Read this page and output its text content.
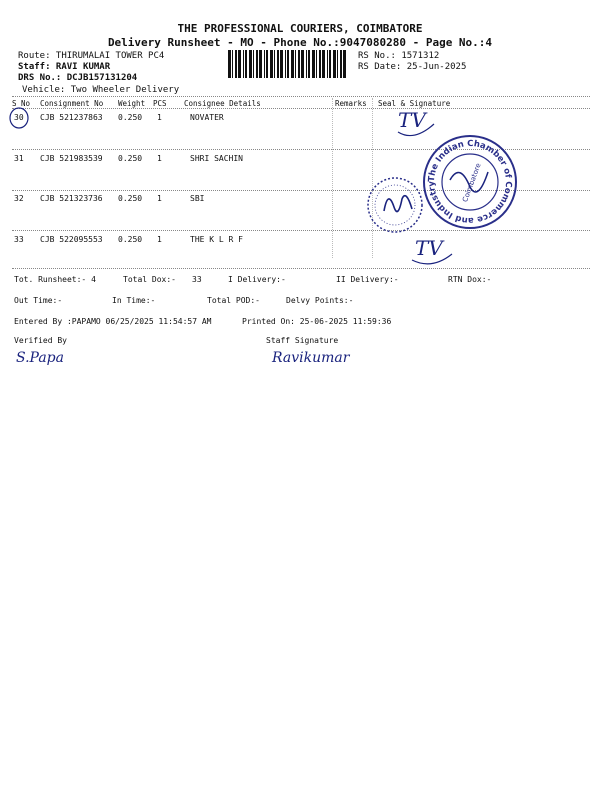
THE PROFESSIONAL COURIERS, COIMBATORE
Delivery Runsheet - MO - Phone No.:9047080280 - Page No.:4
Route: THIRUMALAI TOWER PC4
Staff: RAVI KUMAR
DRS No.: DCJB157131204
Vehicle: Two Wheeler Delivery
RS No.: 1571312
RS Date: 25-Jun-2025
S No Consignment No Weight PCS Consignee Details	Remarks Seal & Signature
30 CJB 521237863 0.250 1	NOVATER
31 CJB 521983539 0.250 1	SHRI SACHIN
32 CJB 521323736 0.250 1	SBI
33 CJB 522095553 0.250 1	THE K L R F
TV
TV
The Indian Chamber of Commerce and Industry	Coimbatore
Tot. Runsheet:- 4	Total Dox:- 33	I Delivery:-	II Delivery:-	RTN Dox:-
Out Time:-	In Time:-	Total POD:-	Delvy Points:-
Entered By :PAPAMO 06/25/2025 11:54:57 AM	Printed On: 25-06-2025 11:59:36
Verified By	Staff Signature
S.Papa	Ravikumar
